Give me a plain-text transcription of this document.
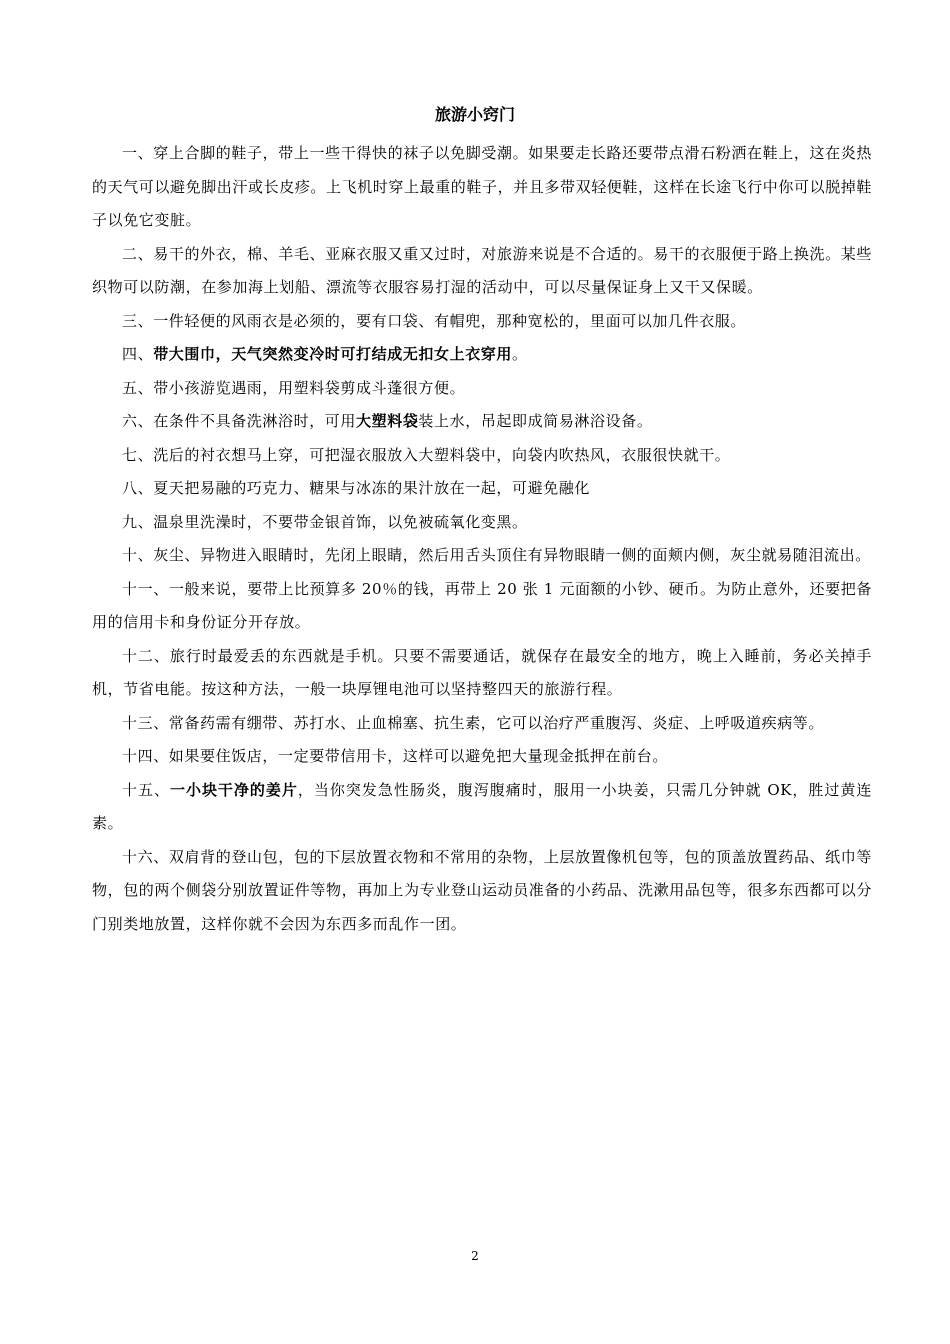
旅游小窍门

一、穿上合脚的鞋子，带上一些干得快的袜子以免脚受潮。如果要走长路还要带点滑石粉洒在鞋上，这在炎热的天气可以避免脚出汗或长皮疹。上飞机时穿上最重的鞋子，并且多带双轻便鞋，这样在长途飞行中你可以脱掉鞋子以免它变脏。

二、易干的外衣，棉、羊毛、亚麻衣服又重又过时，对旅游来说是不合适的。易干的衣服便于路上换洗。某些织物可以防潮，在参加海上划船、漂流等衣服容易打湿的活动中，可以尽量保证身上又干又保暖。

三、一件轻便的风雨衣是必须的，要有口袋、有帽兜，那种宽松的，里面可以加几件衣服。

四、带大围巾，天气突然变冷时可打结成无扣女上衣穿用。

五、带小孩游览遇雨，用塑料袋剪成斗蓬很方便。

六、在条件不具备洗淋浴时，可用大塑料袋装上水，吊起即成简易淋浴设备。

七、洗后的衬衣想马上穿，可把湿衣服放入大塑料袋中，向袋内吹热风，衣服很快就干。

八、夏天把易融的巧克力、糖果与冰冻的果汁放在一起，可避免融化

九、温泉里洗澡时，不要带金银首饰，以免被硫氧化变黑。

十、灰尘、异物进入眼睛时，先闭上眼睛，然后用舌头顶住有异物眼睛一侧的面颊内侧，灰尘就易随泪流出。

十一、一般来说，要带上比预算多 20％的钱，再带上 20 张 1 元面额的小钞、硬币。为防止意外，还要把备用的信用卡和身份证分开存放。

十二、旅行时最爱丢的东西就是手机。只要不需要通话，就保存在最安全的地方，晚上入睡前，务必关掉手机，节省电能。按这种方法，一般一块厚锂电池可以坚持整四天的旅游行程。

十三、常备药需有绷带、苏打水、止血棉塞、抗生素，它可以治疗严重腹泻、炎症、上呼吸道疾病等。

十四、如果要住饭店，一定要带信用卡，这样可以避免把大量现金抵押在前台。

十五、一小块干净的姜片，当你突发急性肠炎，腹泻腹痛时，服用一小块姜，只需几分钟就 OK，胜过黄连素。

十六、双肩背的登山包，包的下层放置衣物和不常用的杂物，上层放置像机包等，包的顶盖放置药品、纸巾等物，包的两个侧袋分别放置证件等物，再加上为专业登山运动员准备的小药品、洗漱用品包等，很多东西都可以分门别类地放置，这样你就不会因为东西多而乱作一团。

2
